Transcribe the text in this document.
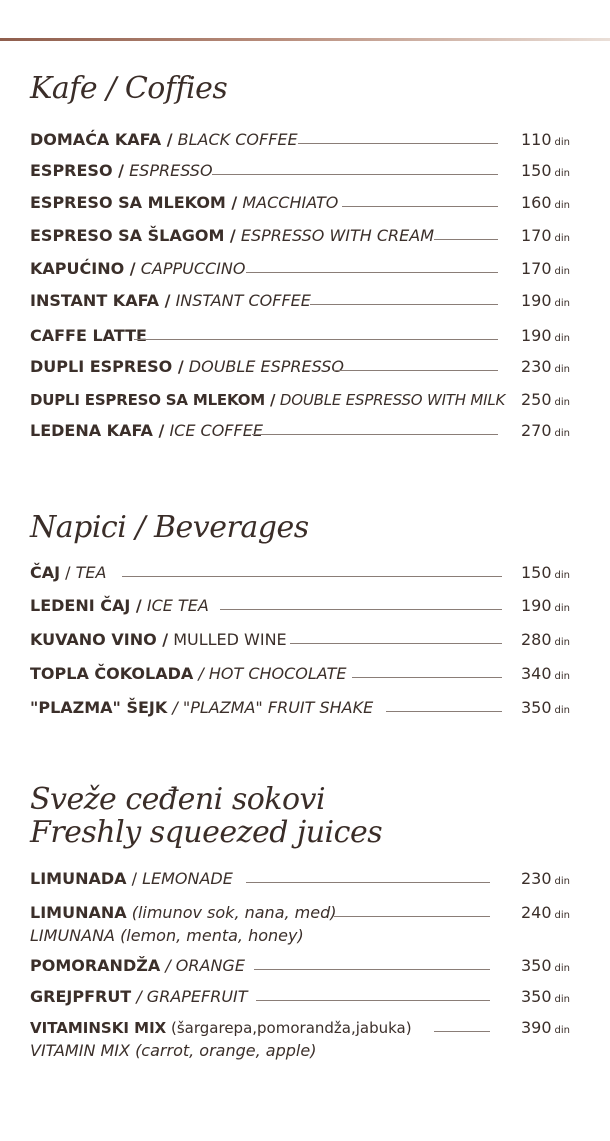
Kafe / Coffies
DOMAĆA KAFA / BLACK COFFEE	110 din
ESPRESO / ESPRESSO	150 din
ESPRESO SA MLEKOM / MACCHIATO	160 din
ESPRESO SA ŠLAGOM / ESPRESSO WITH CREAM	170 din
KAPUĆINO / CAPPUCCINO	170 din
INSTANT KAFA / INSTANT COFFEE	190 din
CAFFE LATTE	190 din
DUPLI ESPRESO / DOUBLE ESPRESSO	230 din
DUPLI ESPRESO SA MLEKOM / DOUBLE ESPRESSO WITH MILK 250 din
LEDENA KAFA / ICE COFFEE	270 din
Napici / Beverages
ČAJ / TEA	150 din
LEDENI ČAJ / ICE TEA	190 din
KUVANO VINO / MULLED WINE	280 din
TOPLA ČOKOLADA / HOT CHOCOLATE	340 din
"PLAZMA" ŠEJK / "PLAZMA" FRUIT SHAKE	350 din
Sveže ceđeni sokovi
Freshly squeezed juices
LIMUNADA / LEMONADE	230 din
LIMUNANA (limunov sok, nana, med)	240 din
LIMUNANA (lemon, menta, honey)
POMORANDŽA / ORANGE	350 din
GREJPFRUT / GRAPEFRUIT	350 din
VITAMINSKI MIX (šargarepa,pomorandža,jabuka)	390 din
VITAMIN MIX (carrot, orange, apple)
